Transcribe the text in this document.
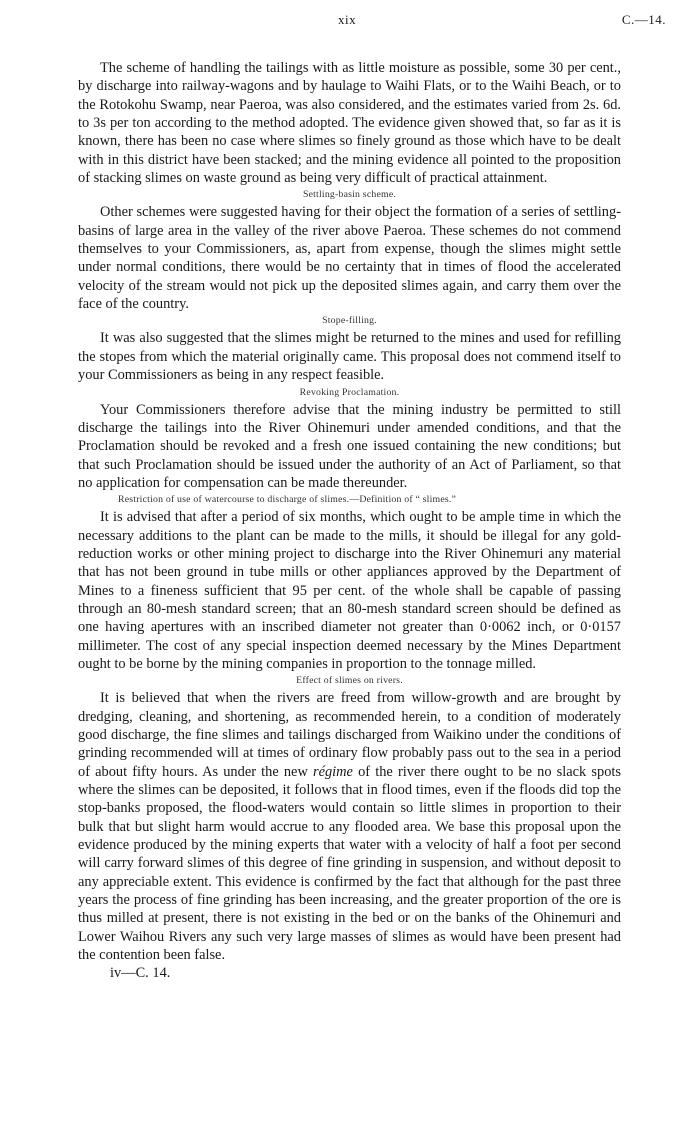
xix	C.—14.

The scheme of handling the tailings with as little moisture as possible, some 30 per cent., by discharge into railway-wagons and by haulage to Waihi Flats, or to the Waihi Beach, or to the Rotokohu Swamp, near Paeroa, was also considered, and the estimates varied from 2s. 6d. to 3s per ton according to the method adopted. The evidence given showed that, so far as it is known, there has been no case where slimes so finely ground as those which have to be dealt with in this district have been stacked; and the mining evidence all pointed to the proposition of stacking slimes on waste ground as being very difficult of practical attainment.

Settling-basin scheme.

Other schemes were suggested having for their object the formation of a series of settling-basins of large area in the valley of the river above Paeroa. These schemes do not commend themselves to your Commissioners, as, apart from expense, though the slimes might settle under normal conditions, there would be no certainty that in times of flood the accelerated velocity of the stream would not pick up the deposited slimes again, and carry them over the face of the country.

Stope-filling.

It was also suggested that the slimes might be returned to the mines and used for refilling the stopes from which the material originally came. This proposal does not commend itself to your Commissioners as being in any respect feasible.

Revoking Proclamation.

Your Commissioners therefore advise that the mining industry be permitted to still discharge the tailings into the River Ohinemuri under amended conditions, and that the Proclamation should be revoked and a fresh one issued containing the new conditions; but that such Proclamation should be issued under the authority of an Act of Parliament, so that no application for compensation can be made thereunder.

Restriction of use of watercourse to discharge of slimes.—Definition of “ slimes.”

It is advised that after a period of six months, which ought to be ample time in which the necessary additions to the plant can be made to the mills, it should be illegal for any gold-reduction works or other mining project to discharge into the River Ohinemuri any material that has not been ground in tube mills or other appliances approved by the Department of Mines to a fineness sufficient that 95 per cent. of the whole shall be capable of passing through an 80-mesh standard screen; that an 80-mesh standard screen should be defined as one having apertures with an inscribed diameter not greater than 0·0062 inch, or 0·0157 millimeter. The cost of any special inspection deemed necessary by the Mines Department ought to be borne by the mining companies in proportion to the tonnage milled.

Effect of slimes on rivers.

It is believed that when the rivers are freed from willow-growth and are brought by dredging, cleaning, and shortening, as recommended herein, to a condition of moderately good discharge, the fine slimes and tailings discharged from Waikino under the conditions of grinding recommended will at times of ordinary flow probably pass out to the sea in a period of about fifty hours. As under the new régime of the river there ought to be no slack spots where the slimes can be deposited, it follows that in flood times, even if the floods did top the stop-banks proposed, the flood-waters would contain so little slimes in proportion to their bulk that but slight harm would accrue to any flooded area. We base this proposal upon the evidence produced by the mining experts that water with a velocity of half a foot per second will carry forward slimes of this degree of fine grinding in suspension, and without deposit to any appreciable extent. This evidence is confirmed by the fact that although for the past three years the process of fine grinding has been increasing, and the greater proportion of the ore is thus milled at present, there is not existing in the bed or on the banks of the Ohinemuri and Lower Waihou Rivers any such very large masses of slimes as would have been present had the contention been false.

iv—C. 14.
